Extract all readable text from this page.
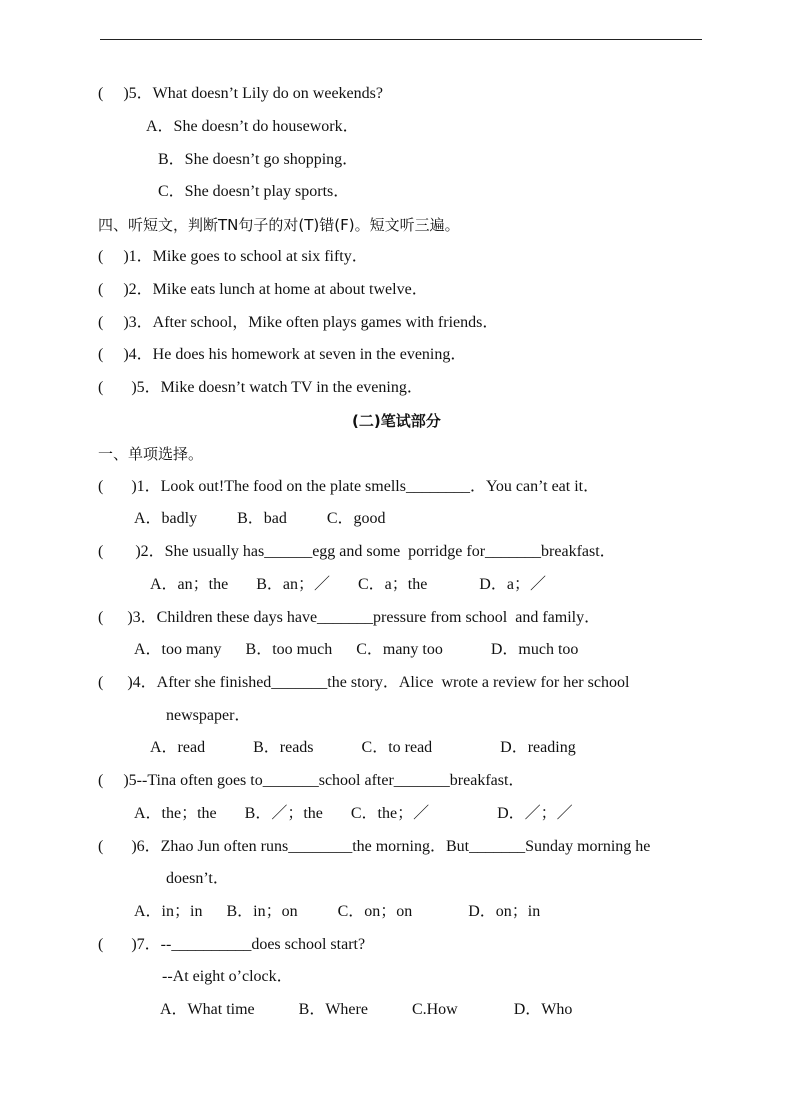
(     )5．What doesn’t Lily do on weekends?
A．She doesn’t do housework．
B．She doesn’t go shopping．
C．She doesn’t play sports．
四、听短文，判断TN句子的对(T)错(F)。短文听三遍。
(     )1．Mike goes to school at six fifty．
(     )2．Mike eats lunch at home at about twelve．
(     )3．After school，Mike often plays games with friends．
(     )4．He does his homework at seven in the evening．
(       )5．Mike doesn’t watch TV in the evening．
(二)笔试部分
一、单项选择。
(       )1．Look out!The food on the plate smells________．You can’t eat it．
A．badly          B．bad          C．good
(        )2．She usually has______egg and some  porridge for_______breakfast．
A．an；the       B．an；／       C．a；the             D．a；／
(      )3．Children these days have_______pressure from school  and family．
A．too many      B．too much      C．many too            D．much too
(      )4．After she finished_______the story．Alice  wrote a review for her school
newspaper．
A．read            B．reads            C．to read                 D．reading
(     )5--Tina often goes to_______school after_______breakfast．
A．the；the       B．／；the       C．the；／                 D．／；／
(       )6．Zhao Jun often runs________the morning．But_______Sunday morning he
doesn’t．
A．in；in      B．in；on          C．on；on              D．on；in
(       )7．--__________does school start?
--At eight o’clock．
A．What time           B．Where           C.How              D．Who
